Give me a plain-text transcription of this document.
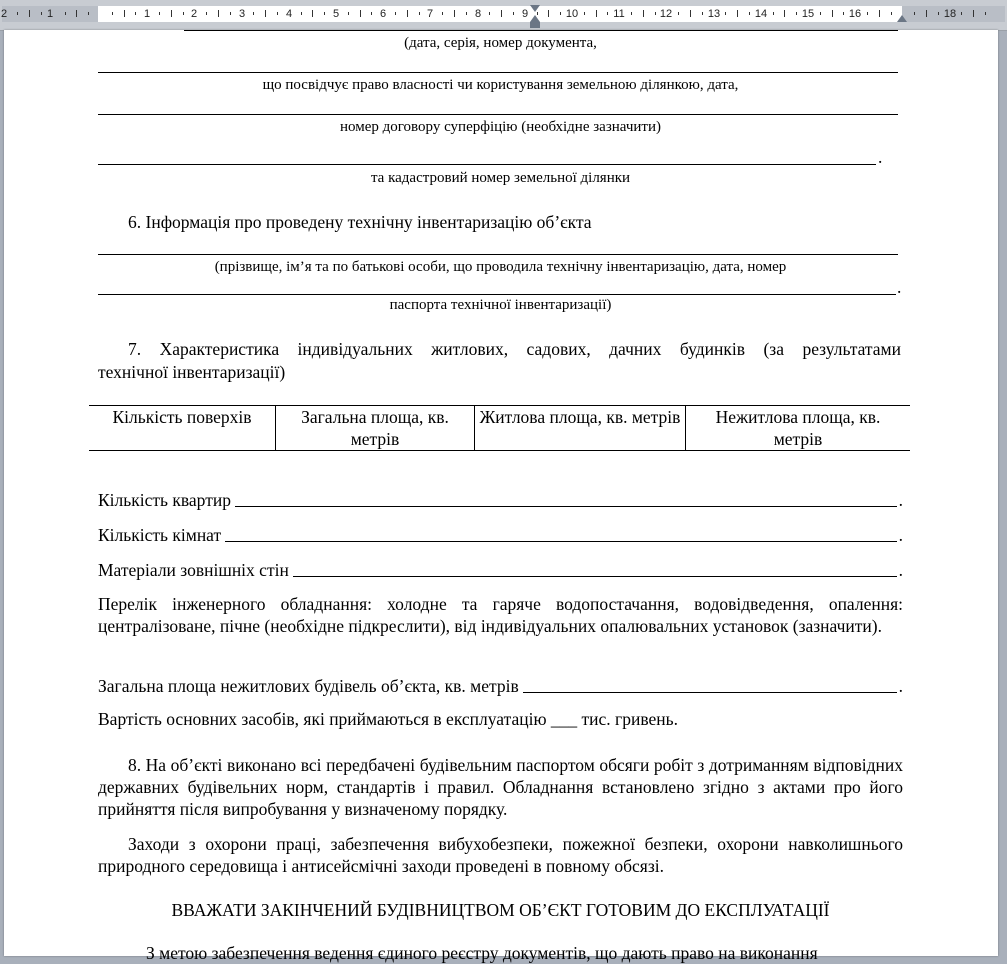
2	1	1	2	3	4	5	6	7	8	9	10	11	12	13	14	15	16	18
(дата, серія, номер документа,
що посвідчує право власності чи користування земельною ділянкою, дата,
номер договору суперфіцію (необхідне зазначити)
.
та кадастровий номер земельної ділянки
6. Інформація про проведену технічну інвентаризацію об’єкта
(прізвище, ім’я та по батькові особи, що проводила технічну інвентаризацію, дата, номер
.
паспорта технічної інвентаризації)
7. Характеристика індивідуальних житлових, садових, дачних будинків (за результатами
технічної інвентаризації)
Кількість поверхів	Загальна площа, кв. метрів	Житлова площа, кв. метрів	Нежитлова площа, кв. метрів
Кількість квартир	.
Кількість кімнат	.
Матеріали зовнішніх стін	.
Перелік інженерного обладнання: холодне та гаряче водопостачання, водовідведення, опалення: централізоване, пічне (необхідне підкреслити), від індивідуальних опалювальних установок (зазначити).
Загальна площа нежитлових будівель об’єкта, кв. метрів	.
Вартість основних засобів, які приймаються в експлуатацію ___ тис. гривень.
8. На об’єкті виконано всі передбачені будівельним паспортом обсяги робіт з дотриманням відповідних державних будівельних норм, стандартів і правил. Обладнання встановлено згідно з актами про його прийняття після випробування у визначеному порядку.
Заходи з охорони праці, забезпечення вибухобезпеки, пожежної безпеки, охорони навколишнього природного середовища і антисейсмічні заходи проведені в повному обсязі.
ВВАЖАТИ ЗАКІНЧЕНИЙ БУДІВНИЦТВОМ ОБ’ЄКТ ГОТОВИМ ДО ЕКСПЛУАТАЦІЇ
З метою забезпечення ведення єдиного реєстру документів, що дають право на виконання
